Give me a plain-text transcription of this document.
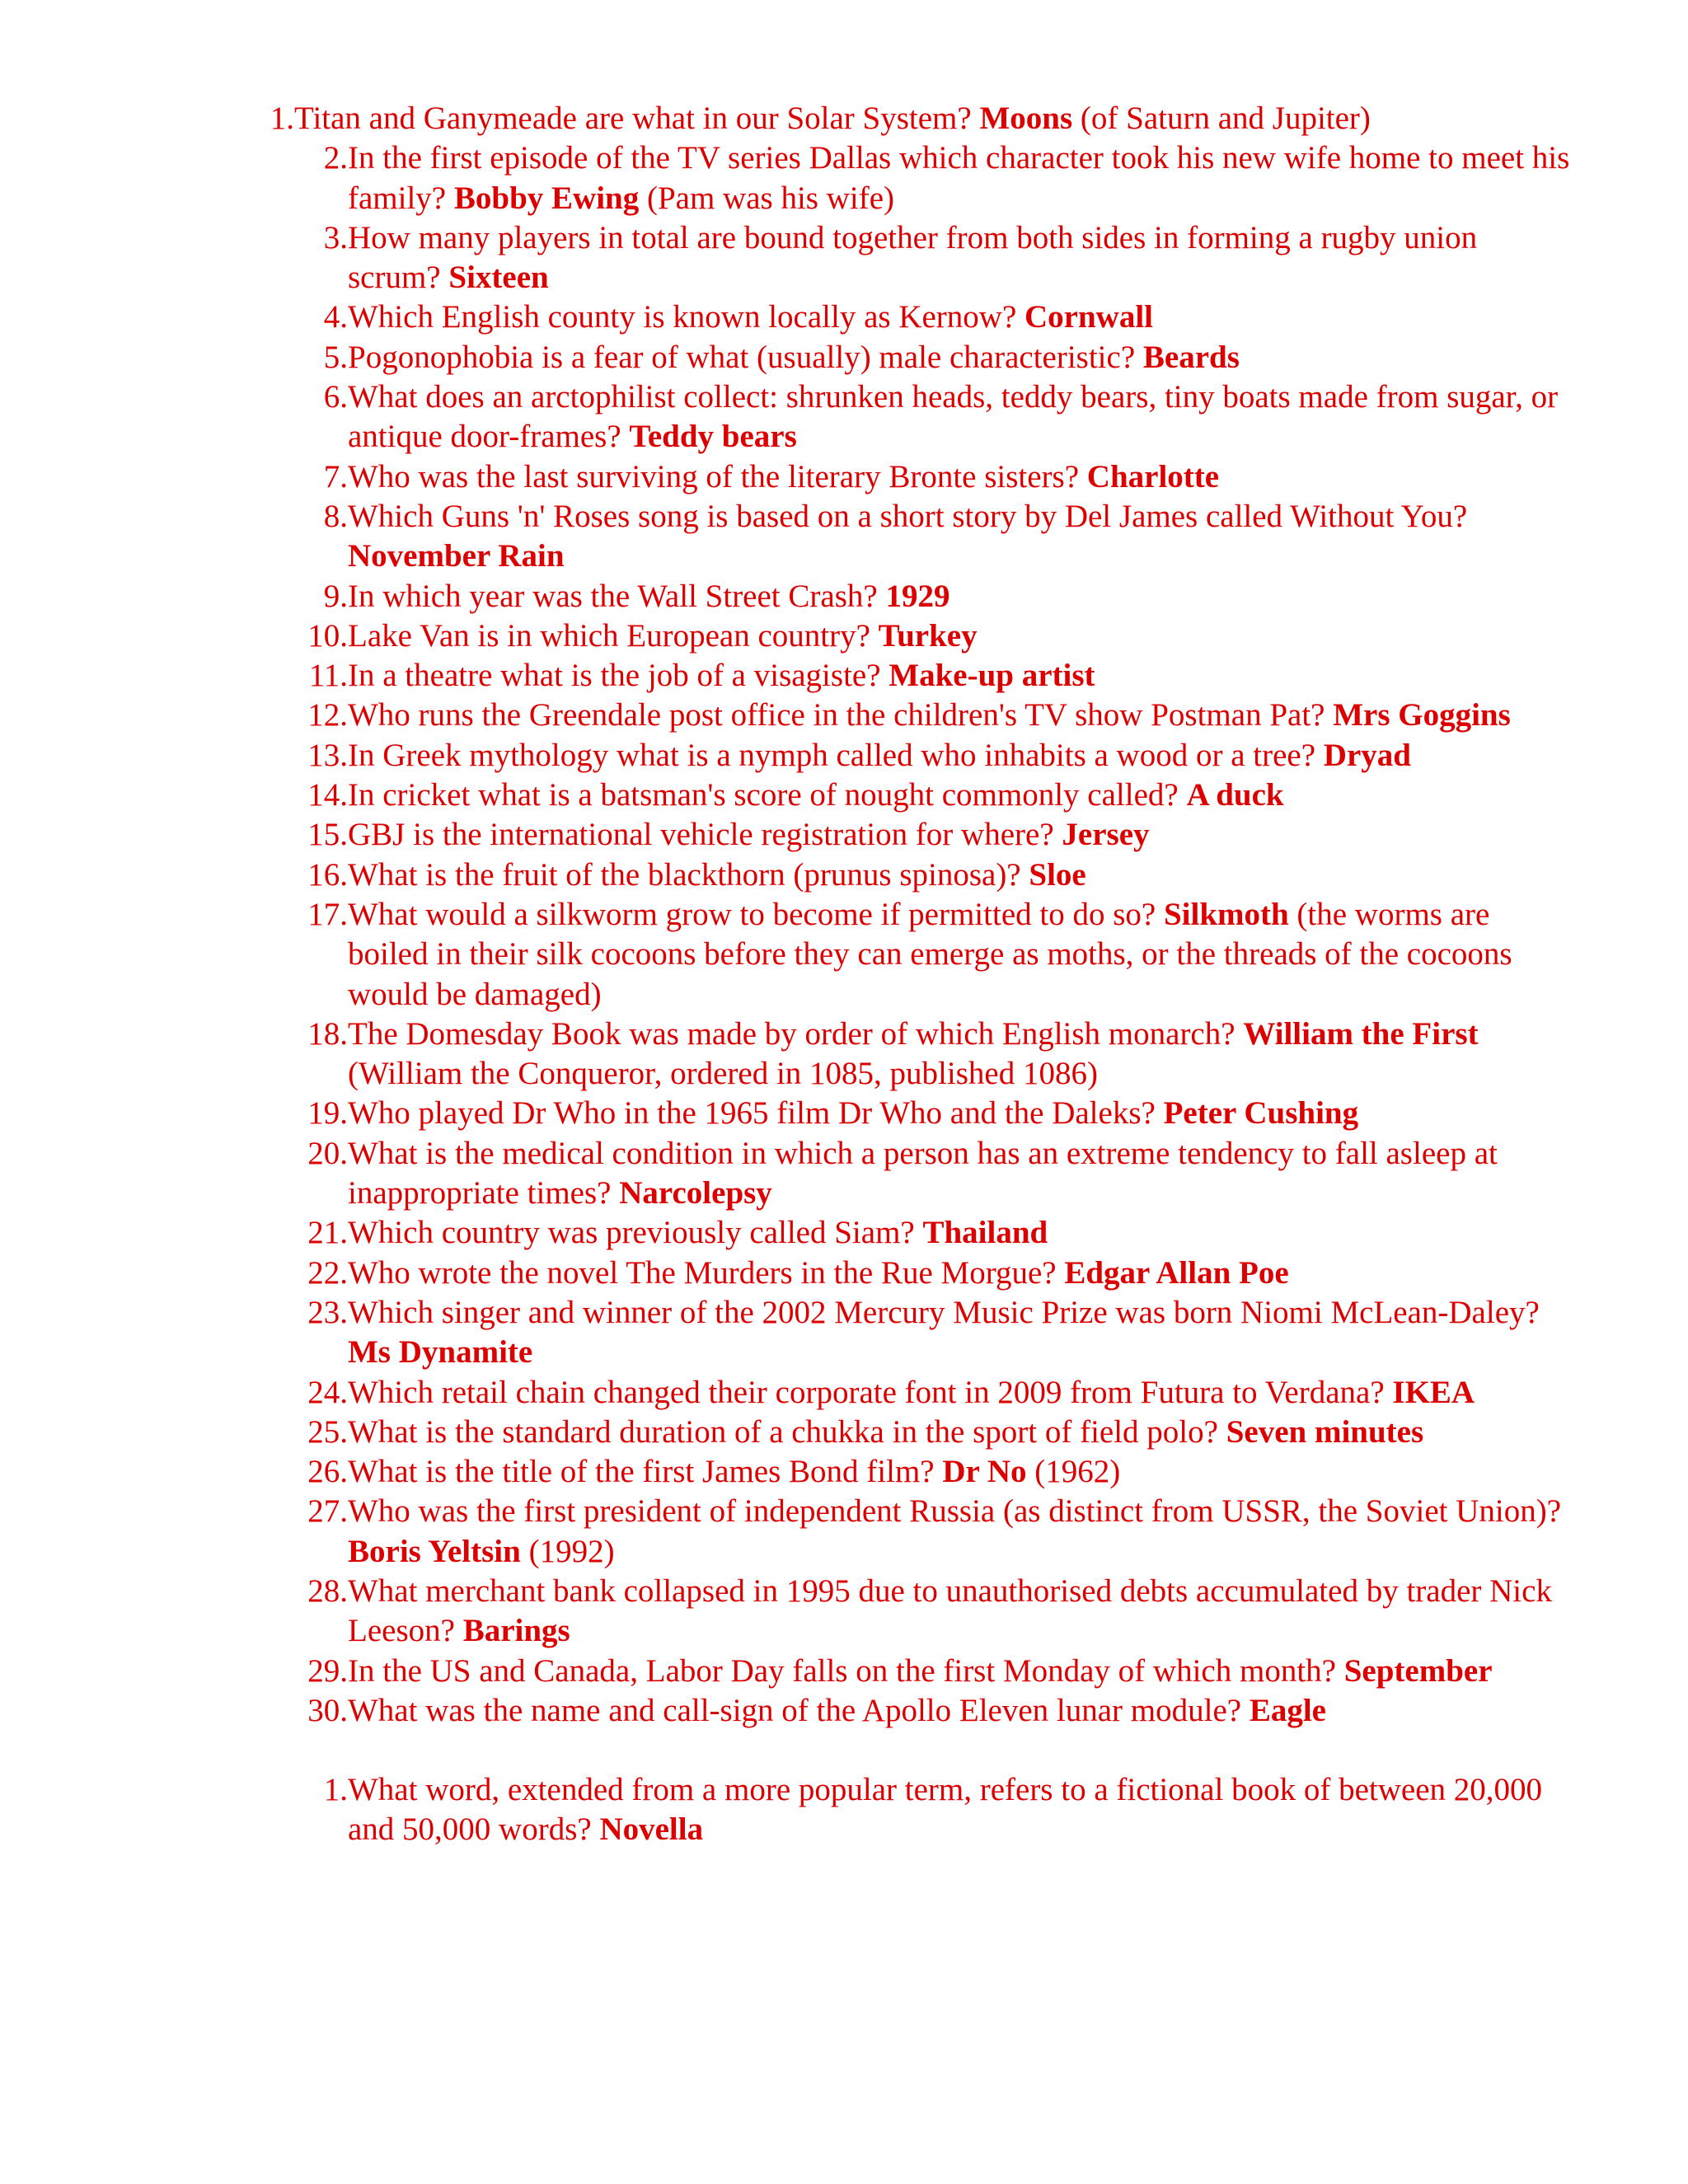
1. Titan and Ganymeade are what in our Solar System? Moons (of Saturn and Jupiter)
2. In the first episode of the TV series Dallas which character took his new wife home to meet his family? Bobby Ewing (Pam was his wife)
3. How many players in total are bound together from both sides in forming a rugby union scrum? Sixteen
4. Which English county is known locally as Kernow? Cornwall
5. Pogonophobia is a fear of what (usually) male characteristic? Beards
6. What does an arctophilist collect: shrunken heads, teddy bears, tiny boats made from sugar, or antique door-frames? Teddy bears
7. Who was the last surviving of the literary Bronte sisters? Charlotte
8. Which Guns 'n' Roses song is based on a short story by Del James called Without You? November Rain
9. In which year was the Wall Street Crash? 1929
10. Lake Van is in which European country? Turkey
11. In a theatre what is the job of a visagiste? Make-up artist
12. Who runs the Greendale post office in the children's TV show Postman Pat? Mrs Goggins
13. In Greek mythology what is a nymph called who inhabits a wood or a tree? Dryad
14. In cricket what is a batsman's score of nought commonly called? A duck
15. GBJ is the international vehicle registration for where? Jersey
16. What is the fruit of the blackthorn (prunus spinosa)? Sloe
17. What would a silkworm grow to become if permitted to do so? Silkmoth (the worms are boiled in their silk cocoons before they can emerge as moths, or the threads of the cocoons would be damaged)
18. The Domesday Book was made by order of which English monarch? William the First (William the Conqueror, ordered in 1085, published 1086)
19. Who played Dr Who in the 1965 film Dr Who and the Daleks? Peter Cushing
20. What is the medical condition in which a person has an extreme tendency to fall asleep at inappropriate times? Narcolepsy
21. Which country was previously called Siam? Thailand
22. Who wrote the novel The Murders in the Rue Morgue? Edgar Allan Poe
23. Which singer and winner of the 2002 Mercury Music Prize was born Niomi McLean-Daley? Ms Dynamite
24. Which retail chain changed their corporate font in 2009 from Futura to Verdana? IKEA
25. What is the standard duration of a chukka in the sport of field polo? Seven minutes
26. What is the title of the first James Bond film? Dr No (1962)
27. Who was the first president of independent Russia (as distinct from USSR, the Soviet Union)? Boris Yeltsin (1992)
28. What merchant bank collapsed in 1995 due to unauthorised debts accumulated by trader Nick Leeson? Barings
29. In the US and Canada, Labor Day falls on the first Monday of which month? September
30. What was the name and call-sign of the Apollo Eleven lunar module? Eagle
1. What word, extended from a more popular term, refers to a fictional book of between 20,000 and 50,000 words? Novella
